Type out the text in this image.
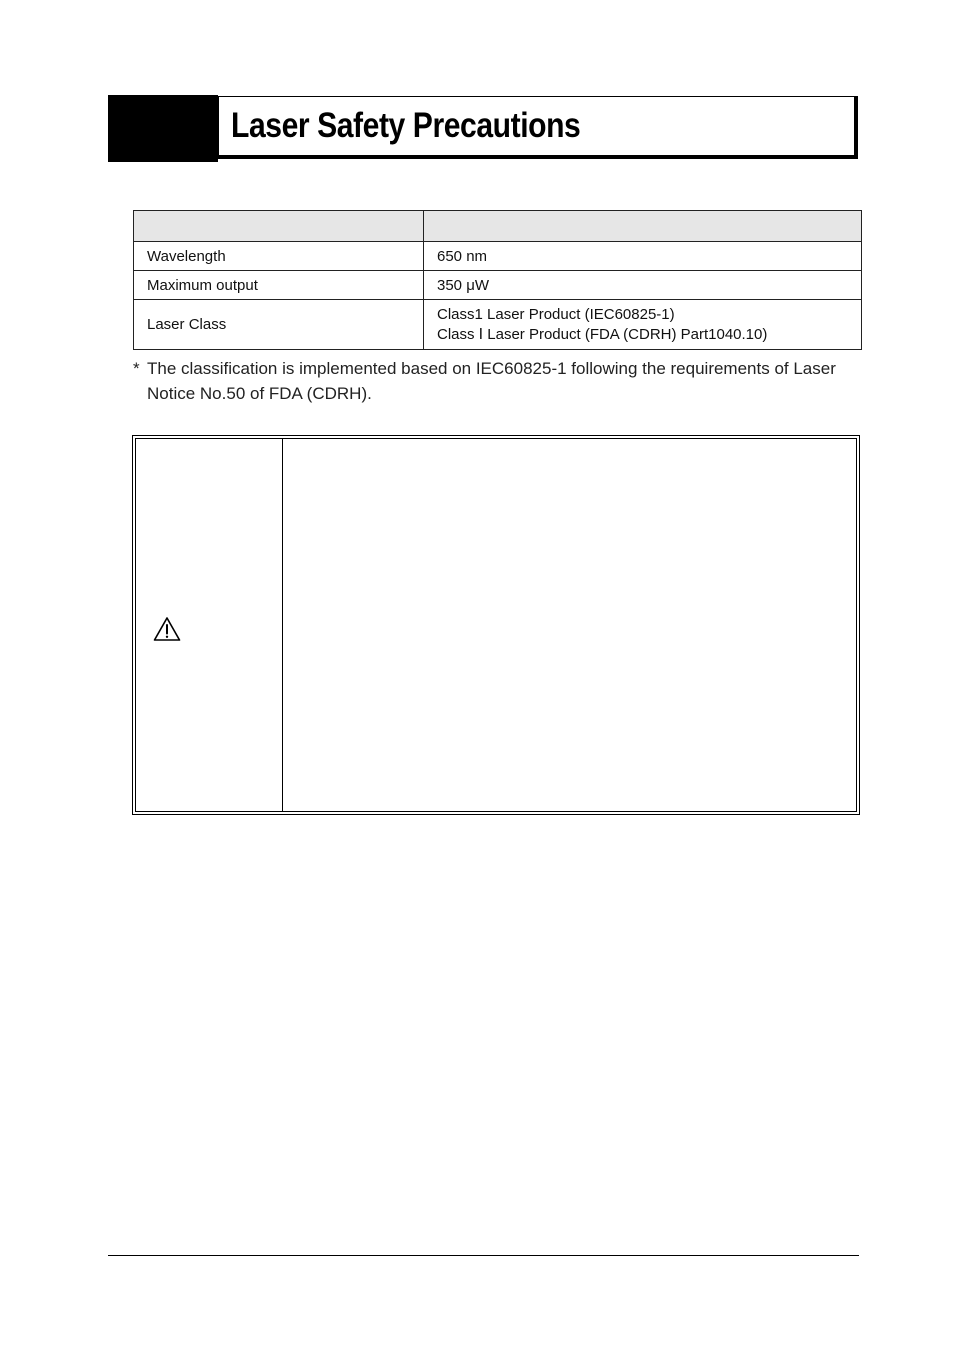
Laser Safety Precautions

Wavelength	650 nm
Maximum output	350 μW
Laser Class	Class1 Laser Product (IEC60825-1)
Class Ⅰ Laser Product (FDA (CDRH) Part1040.10)
* The classification is implemented based on IEC60825-1 following the requirements of Laser Notice No.50 of FDA (CDRH).
